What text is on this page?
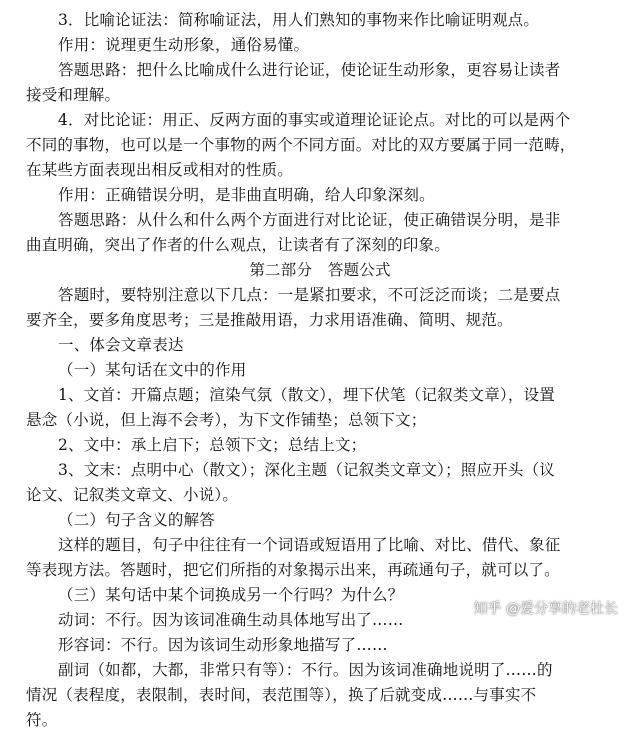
3．比喻论证法：简称喻证法，用人们熟知的事物来作比喻证明观点。
作用：说理更生动形象，通俗易懂。
答题思路：把什么比喻成什么进行论证，使论证生动形象，更容易让读者
接受和理解。
4．对比论证：用正、反两方面的事实或道理论证论点。对比的可以是两个
不同的事物，也可以是一个事物的两个不同方面。对比的双方要属于同一范畴，
在某些方面表现出相反或相对的性质。
作用：正确错误分明，是非曲直明确，给人印象深刻。
答题思路：从什么和什么两个方面进行对比论证，使正确错误分明，是非
曲直明确，突出了作者的什么观点，让读者有了深刻的印象。
第二部分　答题公式
答题时，要特别注意以下几点：一是紧扣要求，不可泛泛而谈；二是要点
要齐全，要多角度思考；三是推敲用语，力求用语准确、简明、规范。
一、体会文章表达
（一）某句话在文中的作用
1、文首：开篇点题；渲染气氛（散文），埋下伏笔（记叙类文章），设置
悬念（小说，但上海不会考），为下文作铺垫；总领下文；
2、文中：承上启下；总领下文；总结上文；
3、文末：点明中心（散文）；深化主题（记叙类文章文）；照应开头（议
论文、记叙类文章文、小说）。
（二）句子含义的解答
这样的题目，句子中往往有一个词语或短语用了比喻、对比、借代、象征
等表现方法。答题时，把它们所指的对象揭示出来，再疏通句子，就可以了。
（三）某句话中某个词换成另一个行吗？为什么？
动词：不行。因为该词准确生动具体地写出了……
形容词：不行。因为该词生动形象地描写了……
副词（如都，大都，非常只有等）：不行。因为该词准确地说明了……的
情况（表程度，表限制，表时间，表范围等），换了后就变成……与事实不
符。
知乎 @爱分享的老杜长
